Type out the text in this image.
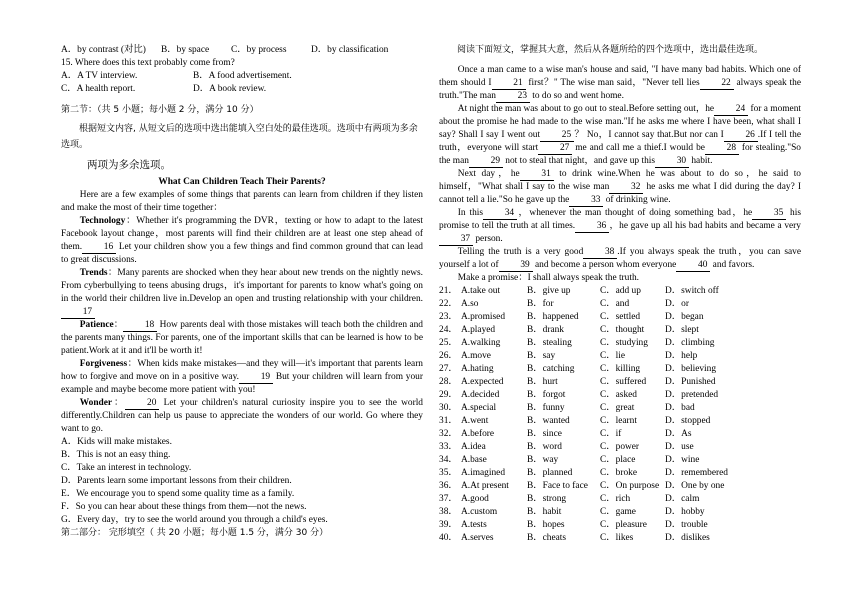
A．by contrast (对比)	B．by space	C．by process	D．by classification

15. Where does this text probably come from?

A．A TV interview.	B．A food advertisement.
C．A health report.	D．A book review.

第二节：（共 5 小题；每小题 2 分，满分 10 分）

根据短文内容, 从短文后的选项中选出能填入空白处的最佳选项。选项中有两项为多余选项。

两项为多余选项。

What Can Children Teach Their Parents?

Here are a few examples of some things that parents can learn from children if they listen and make the most of their time together：

Technology：Whether it's programming the DVR，texting or how to adapt to the latest Facebook layout change，most parents will find their children are at least one step ahead of them. 16 Let your children show you a few things and find common ground that can lead to great discussions.

Trends：Many parents are shocked when they hear about new trends on the nightly news. From cyberbullying to teens abusing drugs，it's important for parents to know what's going on in the world their children live in.Develop an open and trusting relationship with your children.17

Patience： 18 How parents deal with those mistakes will teach both the children and the parents many things. For parents, one of the important skills that can be learned is how to be patient.Work at it and it'll be worth it!

Forgiveness：When kids make mistakes—and they will—it's important that parents learn how to forgive and move on in a positive way. 19 But your children will learn from your example and maybe become more patient with you!

Wonder： 20 Let your children's natural curiosity inspire you to see the world differently.Children can help us pause to appreciate the wonders of our world. Go where they want to go.

A．Kids will make mistakes.

B．This is not an easy thing.

C．Take an interest in technology.

D．Parents learn some important lessons from their children.

E．We encourage you to spend some quality time as a family.

F．So you can hear about these things from them—not the news.

G．Every day，try to see the world around you through a child's eyes.

第二部分： 完形填空（ 共 20 小题；每小题 1.5 分，满分 30 分）

阅读下面短文，掌握其大意，然后从各题所给的四个选项中，选出最佳选项。

Once a man came to a wise man's house and said, "I have many bad habits. Which one of them should I 21 first？" The wise man said，"Never tell lies 22 always speak the truth."The man 23 to do so and went home.

At night the man was about to go out to steal.Before setting out，he 24 for a moment about the promise he had made to the wise man."If he asks me where I have been, what shall I say? Shall I say I went out 25 ？ No，I cannot say that.But nor can I 26 .If I tell the truth，everyone will start 27 me and call me a thief.I would be 28 for stealing."So the man 29 not to steal that night，and gave up this 30 habit.

Next day，he 31 to drink wine.When he was about to do so，he said to himself，"What shall I say to the wise man 32 he asks me what I did during the day? I cannot tell a lie."So he gave up the 33 of drinking wine.

In this 34 ，whenever the man thought of doing something bad，he 35 his promise to tell the truth at all times. 36 ，he gave up all his bad habits and became a very37 person.

Telling the truth is a very good 38 .If you always speak the truth，you can save yourself a lot of 39 and become a person whom everyone 40 and favors.

Make a promise：I shall always speak the truth.

21．	A.take out	B．give up	C．add up	D．switch off
22．	A.so	B．for	C．and	D．or
23．	A.promised	B．happened	C．settled	D．began
24．	A.played	B．drank	C．thought	D．slept
25．	A.walking	B．stealing	C．studying	D．climbing
26．	A.move	B．say	C．lie	D．help
27．	A.hating	B．catching	C．killing	D．believing
28．	A.expected	B．hurt	C．suffered	D．Punished
29．	A.decided	B．forgot	C．asked	D．pretended
30．	A.special	B．funny	C．great	D．bad
31．	A.went	B．wanted	C．learnt	D．stopped
32．	A.before	B．since	C．if	D．As
33．	A.idea	B．word	C．power	D．use
34．	A.base	B．way	C．place	D．wine
35．	A.imagined	B．planned	C．broke	D．remembered
36．	A.At present	B．Face to face	C．On purpose	D．One by one
37．	A.good	B．strong	C．rich	D．calm
38．	A.custom	B．habit	C．game	D．hobby
39．	A.tests	B．hopes	C．pleasure	D．trouble
40．	A.serves	B．cheats	C．likes	D．dislikes
